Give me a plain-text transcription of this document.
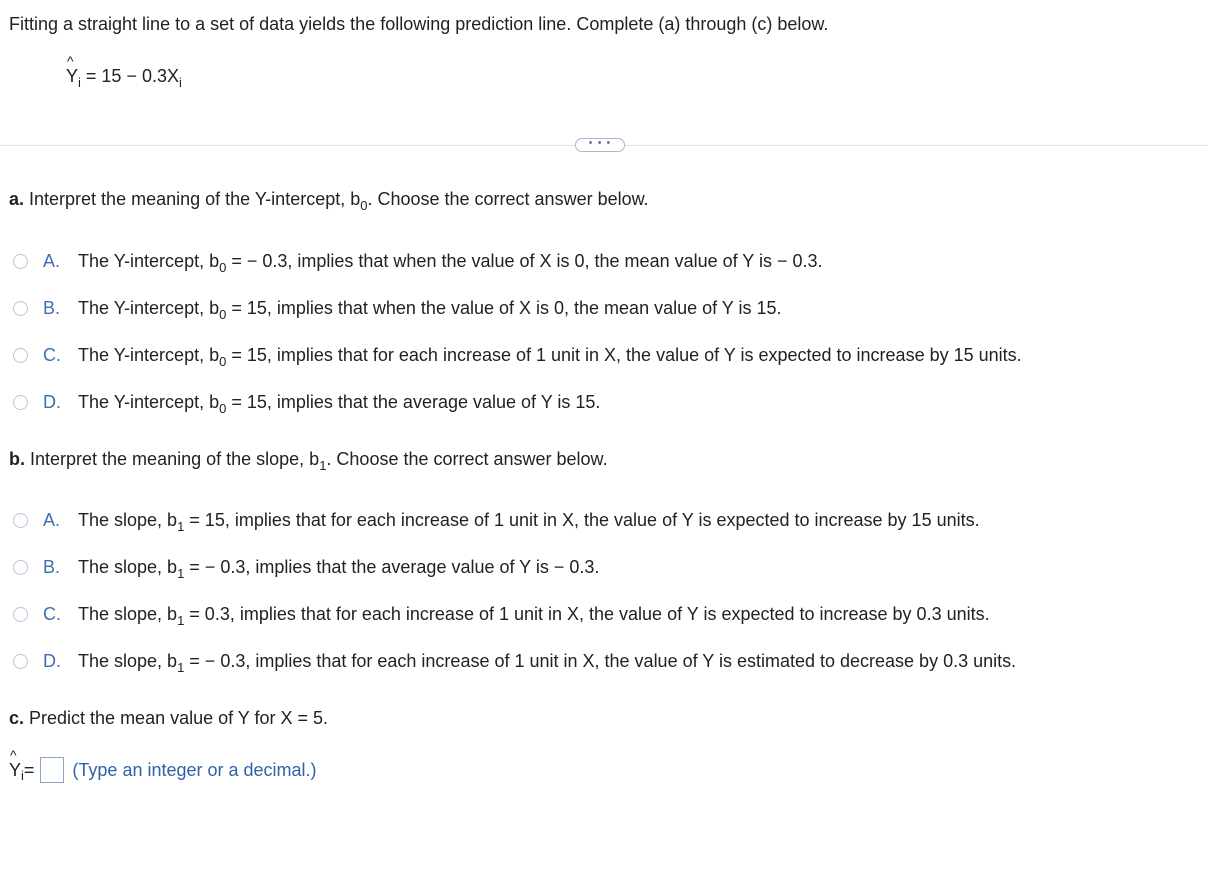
Fitting a straight line to a set of data yields the following prediction line. Complete (a) through (c) below.
^
$Y_i = 15 - 0.3X_i$
• • •
a. Interpret the meaning of the Y-intercept, $b_0$. Choose the correct answer below.
A. The Y-intercept, $b_0$ = − 0.3, implies that when the value of X is 0, the mean value of Y is − 0.3.
B. The Y-intercept, $b_0 = 15$, implies that when the value of X is 0, the mean value of Y is 15.
C. The Y-intercept, $b_0 = 15$, implies that for each increase of 1 unit in X, the value of Y is expected to increase by 15 units.
D. The Y-intercept, $b_0 = 15$, implies that the average value of Y is 15.
b. Interpret the meaning of the slope, $b_1$. Choose the correct answer below.
A. The slope, $b_1 = 15$, implies that for each increase of 1 unit in X, the value of Y is expected to increase by 15 units.
B. The slope, $b_1$ = − 0.3, implies that the average value of Y is − 0.3.
C. The slope, $b_1 = 0.3$, implies that for each increase of 1 unit in X, the value of Y is expected to increase by 0.3 units.
D. The slope, $b_1$ = − 0.3, implies that for each increase of 1 unit in X, the value of Y is estimated to decrease by 0.3 units.
c. Predict the mean value of Y for X = 5.
^
Y i = (Type an integer or a decimal.)
